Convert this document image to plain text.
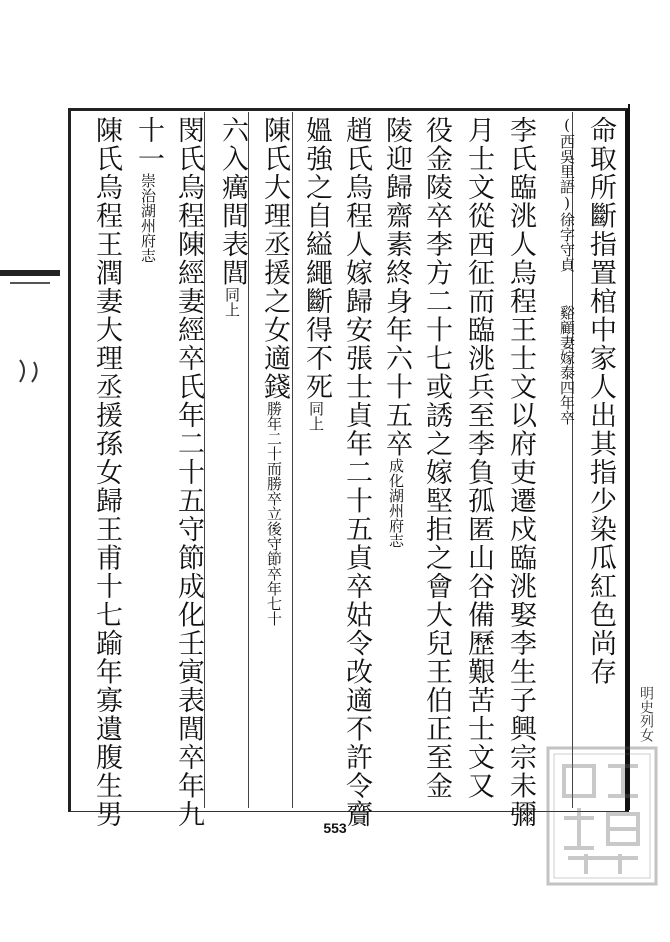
命取所斷指置棺中家人出其指少染瓜紅色尚存
(西吳里語)徐字守貞 　谿顧妻嫁泰四年卒
李氏臨洮人烏程王士文以府吏遷戍臨洮娶李生子興宗未彌
月士文從西征而臨洮兵至李負孤匿山谷備歷艱苦士文又
役金陵卒李方二十七或誘之嫁堅拒之會大兒王伯正至金
陵迎歸齋素終身年六十五卒成化湖州府志
趙氏烏程人嫁歸安張士貞年二十五貞卒姑令改適不許令齎
媼強之自縊繩斷得不死同上
陳氏大理丞援之女適錢勝年二十而勝卒立後守節卒年七十
六入癘間表閭同上
閔氏烏程陳經妻經卒氏年二十五守節成化壬寅表閭卒年九
十一崇治湖州府志
陳氏烏程王潤妻大理丞援孫女歸王甫十七踰年寡遺腹生男	明史列女
553
